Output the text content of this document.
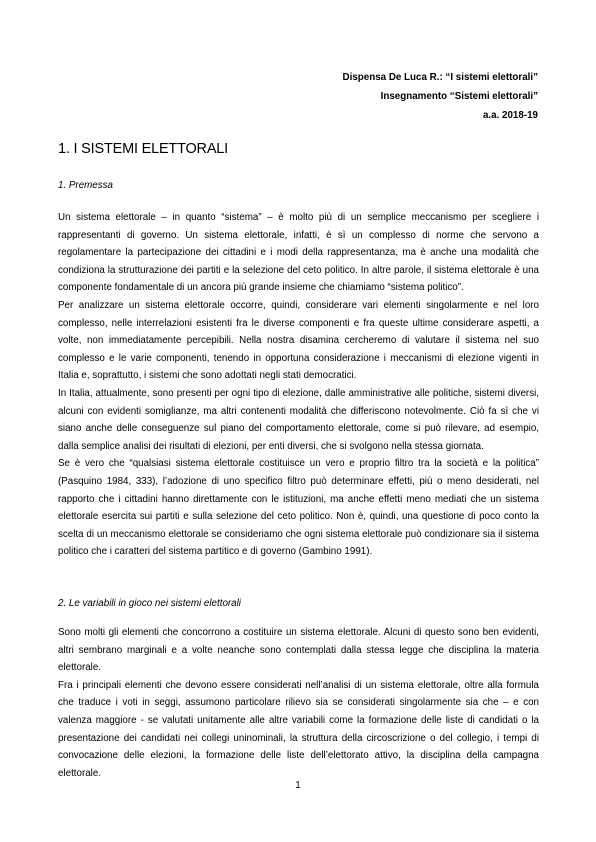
Dispensa De Luca R.: “I sistemi elettorali”
Insegnamento “Sistemi elettorali”
a.a. 2018-19
1. I SISTEMI ELETTORALI
1. Premessa

Un sistema elettorale – in quanto “sistema” – è molto più di un semplice meccanismo per scegliere i rappresentanti di governo. Un sistema elettorale, infatti, è sì un complesso di norme che servono a regolamentare la partecipazione dei cittadini e i modi della rappresentanza, ma è anche una modalità che condiziona la strutturazione dei partiti e la selezione del ceto politico. In altre parole, il sistema elettorale è una componente fondamentale di un ancora più grande insieme che chiamiamo “sistema politico”.

Per analizzare un sistema elettorale occorre, quindi, considerare vari elementi singolarmente e nel loro complesso, nelle interrelazioni esistenti fra le diverse componenti e fra queste ultime considerare aspetti, a volte, non immediatamente percepibili. Nella nostra disamina cercheremo di valutare il sistema nel suo complesso e le varie componenti, tenendo in opportuna considerazione i meccanismi di elezione vigenti in Italia e, soprattutto, i sistemi che sono adottati negli stati democratici.

In Italia, attualmente, sono presenti per ogni tipo di elezione, dalle amministrative alle politiche, sistemi diversi, alcuni con evidenti somiglianze, ma altri contenenti modalità che differiscono notevolmente. Ciò fa sì che vi siano anche delle conseguenze sul piano del comportamento elettorale, come si può rilevare, ad esempio, dalla semplice analisi dei risultati di elezioni, per enti diversi, che si svolgono nella stessa giornata.

Se è vero che “qualsiasi sistema elettorale costituisce un vero e proprio filtro tra la società e la politica” (Pasquino 1984, 333), l’adozione di uno specifico filtro può determinare effetti, più o meno desiderati, nel rapporto che i cittadini hanno direttamente con le istituzioni, ma anche effetti meno mediati che un sistema elettorale esercita sui partiti e sulla selezione del ceto politico. Non è, quindi, una questione di poco conto la scelta di un meccanismo elettorale se consideriamo che ogni sistema elettorale può condizionare sia il sistema politico che i caratteri del sistema partitico e di governo (Gambino 1991).

2. Le variabili in gioco nei sistemi elettorali

Sono molti gli elementi che concorrono a costituire un sistema elettorale. Alcuni di questo sono ben evidenti, altri sembrano marginali e a volte neanche sono contemplati dalla stessa legge che disciplina la materia elettorale.

Fra i principali elementi che devono essere considerati nell’analisi di un sistema elettorale, oltre alla formula che traduce i voti in seggi, assumono particolare rilievo sia se considerati singolarmente sia che – e con valenza maggiore - se valutati unitamente alle altre variabili come la formazione delle liste di candidati o la presentazione dei candidati nei collegi uninominali, la struttura della circoscrizione o del collegio, i tempi di convocazione delle elezioni, la formazione delle liste dell’elettorato attivo, la disciplina della campagna elettorale.

1
